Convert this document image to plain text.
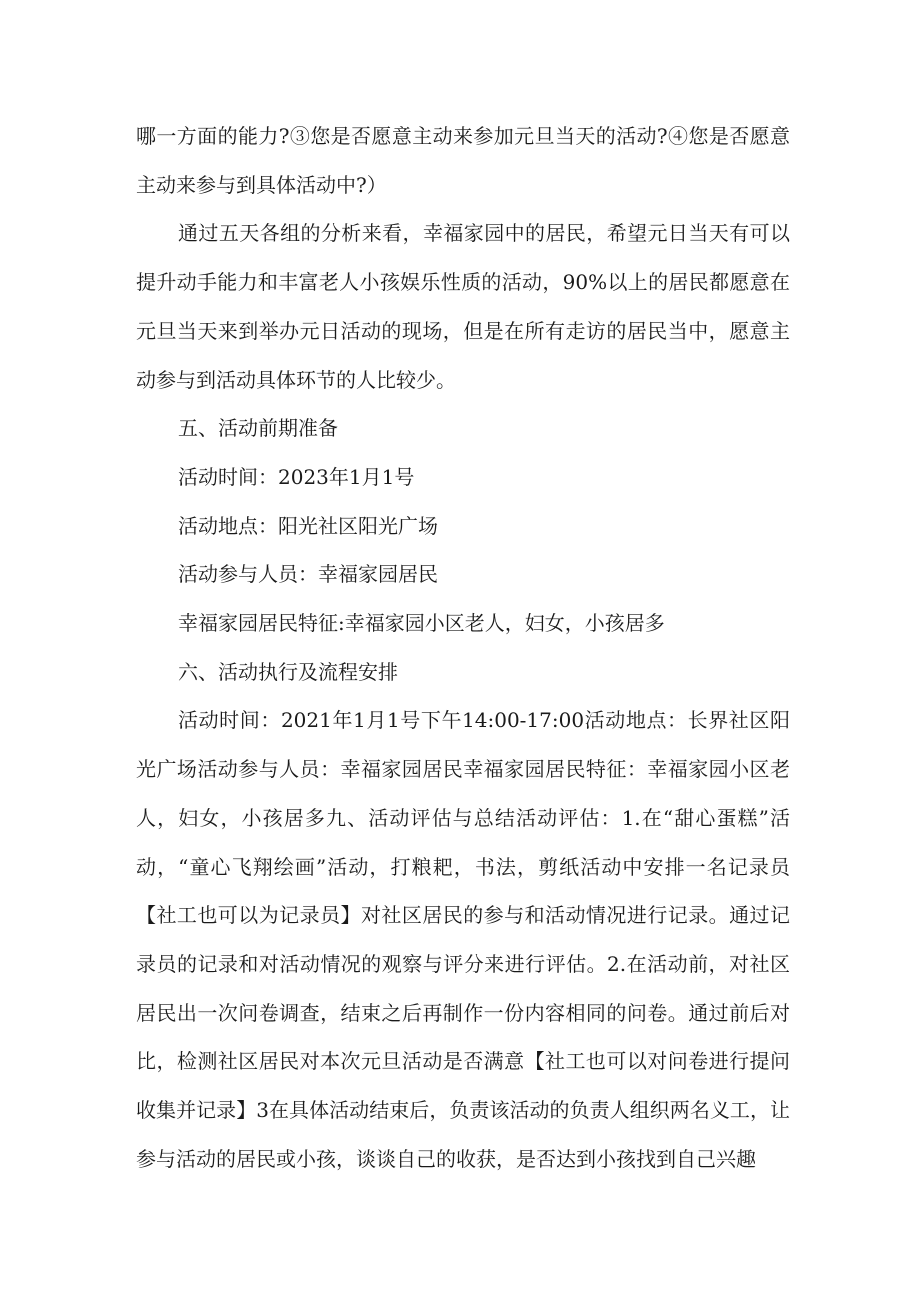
哪一方面的能力?③您是否愿意主动来参加元旦当天的活动?④您是否愿意主动来参与到具体活动中?）

通过五天各组的分析来看，幸福家园中的居民，希望元日当天有可以提升动手能力和丰富老人小孩娱乐性质的活动，90%以上的居民都愿意在元旦当天来到举办元日活动的现场，但是在所有走访的居民当中，愿意主动参与到活动具体环节的人比较少。

五、活动前期准备

活动时间：2023年1月1号

活动地点：阳光社区阳光广场

活动参与人员：幸福家园居民

幸福家园居民特征:幸福家园小区老人，妇女，小孩居多

六、活动执行及流程安排

活动时间：2021年1月1号下午14:00-17:00活动地点：长界社区阳光广场活动参与人员：幸福家园居民幸福家园居民特征：幸福家园小区老人，妇女，小孩居多九、活动评估与总结活动评估：1.在“甜心蛋糕”活动，“童心飞翔绘画”活动，打粮耙，书法，剪纸活动中安排一名记录员【社工也可以为记录员】对社区居民的参与和活动情况进行记录。通过记录员的记录和对活动情况的观察与评分来进行评估。2.在活动前，对社区居民出一次问卷调查，结束之后再制作一份内容相同的问卷。通过前后对比，检测社区居民对本次元旦活动是否满意【社工也可以对问卷进行提问收集并记录】3在具体活动结束后，负责该活动的负责人组织两名义工，让参与活动的居民或小孩，谈谈自己的收获，是否达到小孩找到自己兴趣
